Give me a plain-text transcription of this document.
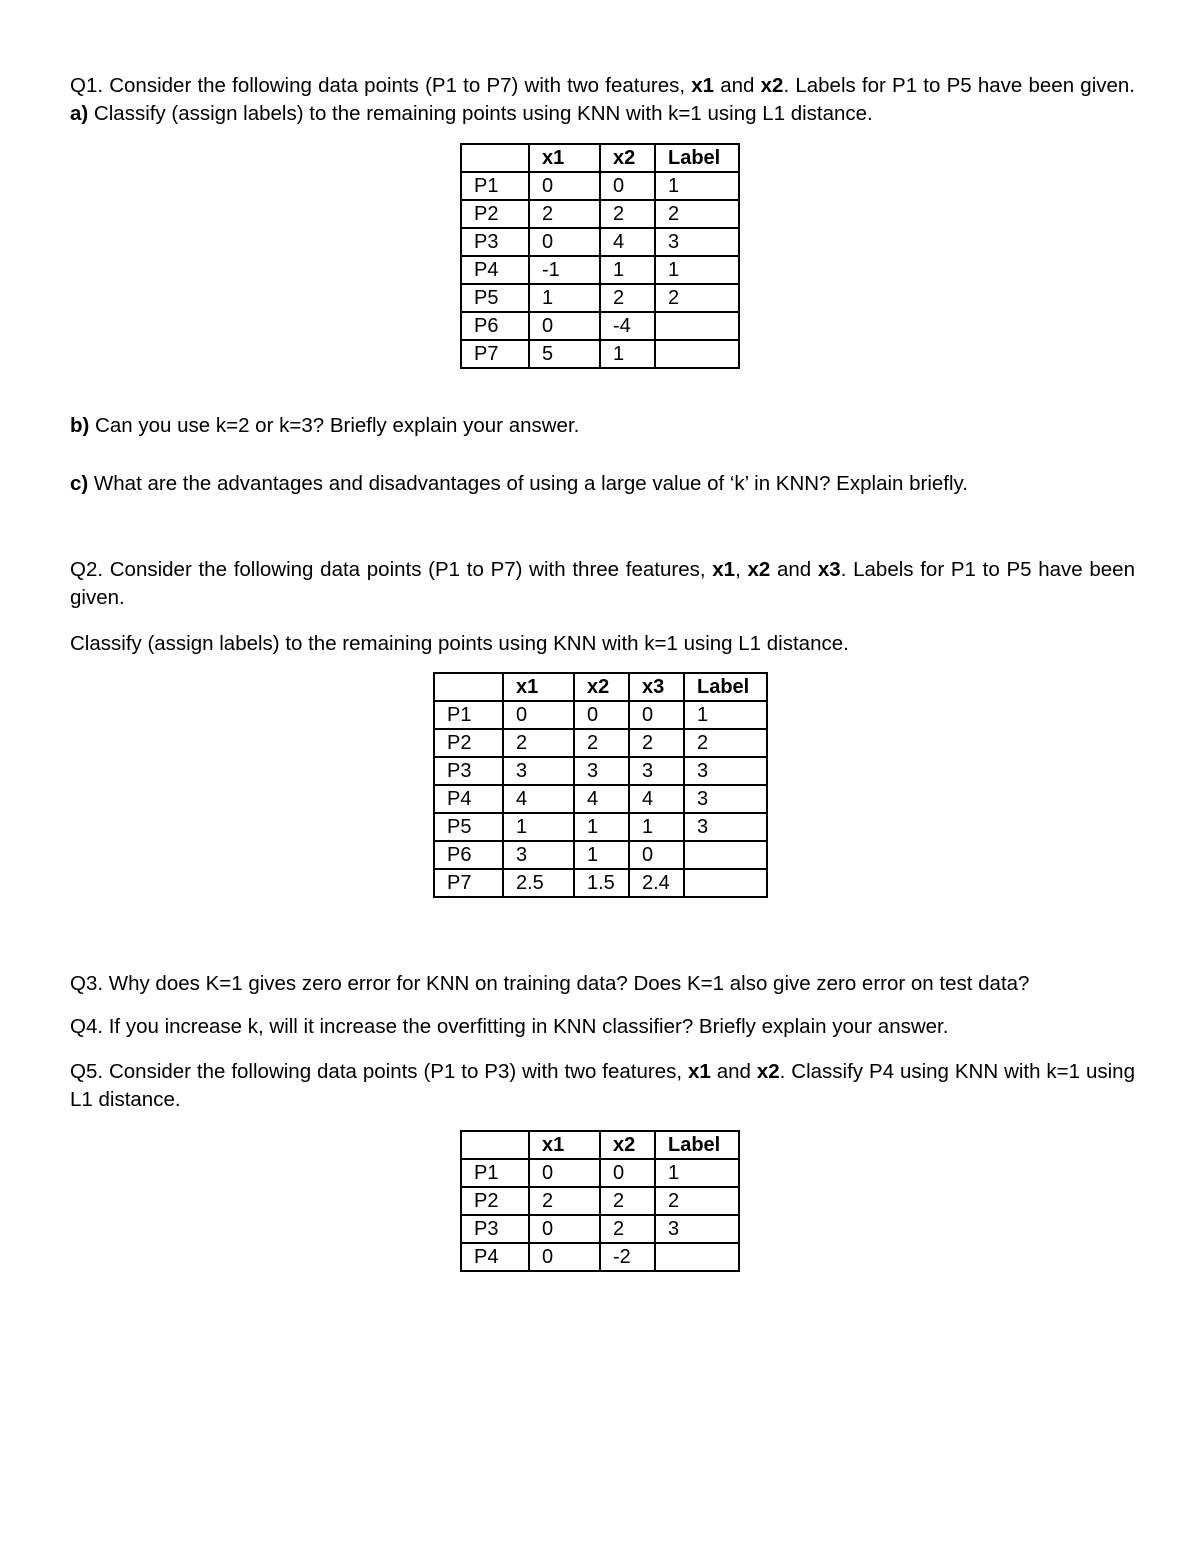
Q1. Consider the following data points (P1 to P7) with two features, x1 and x2. Labels for P1 to P5 have been given. a) Classify (assign labels) to the remaining points using KNN with k=1 using L1 distance.

	x1	x2	Label
P1	0	0	1
P2	2	2	2
P3	0	4	3
P4	-1	1	1
P5	1	2	2
P6	0	-4	
P7	5	1	

b) Can you use k=2 or k=3? Briefly explain your answer.

c) What are the advantages and disadvantages of using a large value of ‘k’ in KNN? Explain briefly.

Q2. Consider the following data points (P1 to P7) with three features, x1, x2 and x3. Labels for P1 to P5 have been given.

Classify (assign labels) to the remaining points using KNN with k=1 using L1 distance.

	x1	x2	x3	Label
P1	0	0	0	1
P2	2	2	2	2
P3	3	3	3	3
P4	4	4	4	3
P5	1	1	1	3
P6	3	1	0	
P7	2.5	1.5	2.4	

Q3. Why does K=1 gives zero error for KNN on training data? Does K=1 also give zero error on test data?

Q4. If you increase k, will it increase the overfitting in KNN classifier? Briefly explain your answer.

Q5. Consider the following data points (P1 to P3) with two features, x1 and x2. Classify P4 using KNN with k=1 using L1 distance.

	x1	x2	Label
P1	0	0	1
P2	2	2	2
P3	0	2	3
P4	0	-2	
